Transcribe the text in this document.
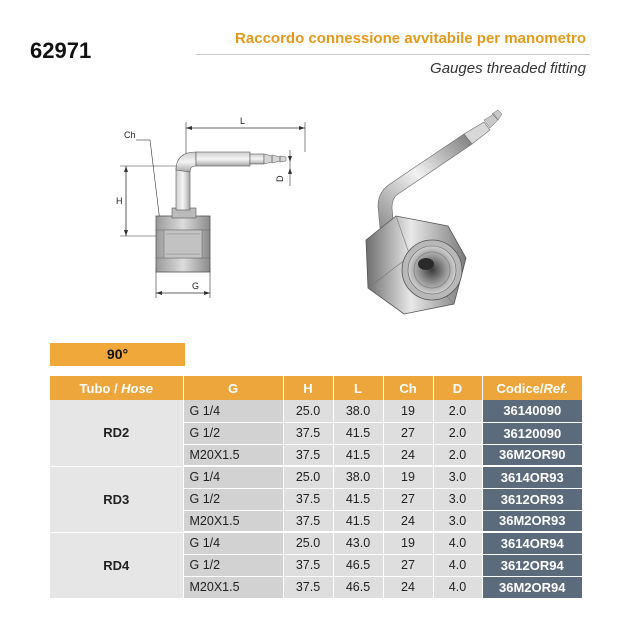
62971	Raccordo connessione avvitabile per manometro
Gauges threaded fitting
L
Ch
H
D
G
90°
Tubo / Hose	G	H	L	Ch	D	Codice/Ref.
RD2	G 1/4	25.0	38.0	19	2.0	36140090
	G 1/2	37.5	41.5	27	2.0	36120090
	M20X1.5	37.5	41.5	24	2.0	36M2OR90
RD3	G 1/4	25.0	38.0	19	3.0	3614OR93
	G 1/2	37.5	41.5	27	3.0	3612OR93
	M20X1.5	37.5	41.5	24	3.0	36M2OR93
RD4	G 1/4	25.0	43.0	19	4.0	3614OR94
	G 1/2	37.5	46.5	27	4.0	3612OR94
	M20X1.5	37.5	46.5	24	4.0	36M2OR94
